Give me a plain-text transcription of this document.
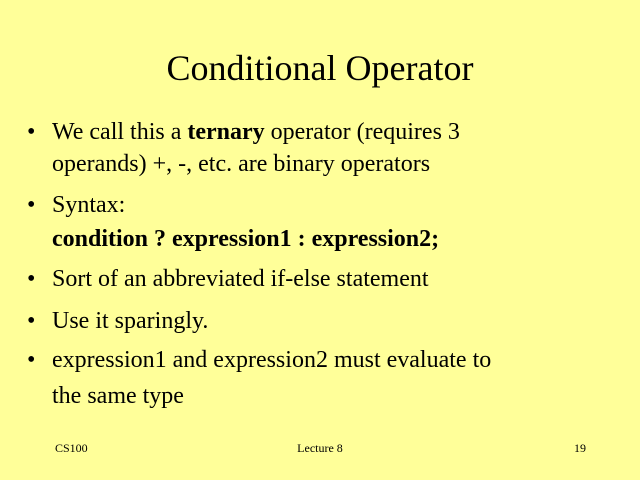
Conditional Operator
• We call this a ternary operator (requires 3
operands) +, -, etc. are binary operators
• Syntax:
condition ? expression1 : expression2;
• Sort of an abbreviated if-else statement
• Use it sparingly.
• expression1 and expression2 must evaluate to
the same type
CS100	Lecture 8	19
